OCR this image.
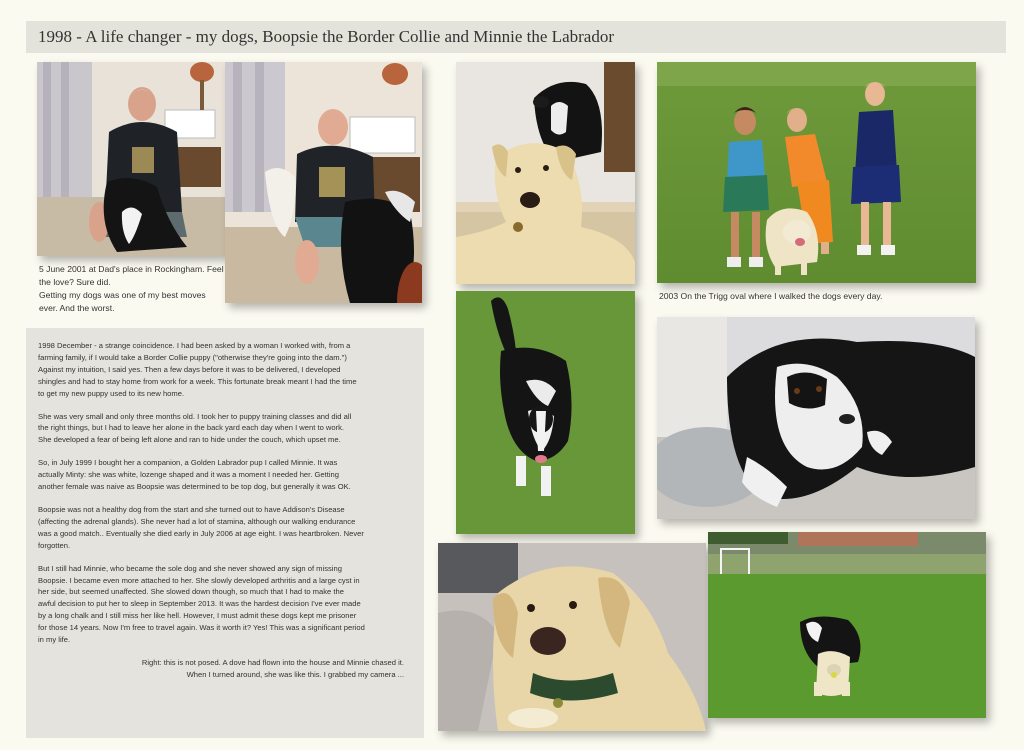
1998 - A life changer - my dogs, Boopsie the Border Collie and Minnie the Labrador
5 June 2001 at Dad's place in Rockingham. Feel
the love? Sure did.
Getting my dogs was one of my best moves
ever. And the worst.
2003 On the Trigg oval where I walked the dogs every day.
1998 December - a strange coincidence. I had been asked by a woman I worked with, from a
farming family, if I would take a Border Collie puppy ("otherwise they're going into the dam.")
Against my intuition, I said yes. Then a few days before it was to be delivered, I developed
shingles and had to stay home from work for a week. This fortunate break meant I had the time
to get my new puppy used to its new home.
She was very small and only three months old. I took her to puppy training classes and did all
the right things, but I had to leave her alone in the back yard each day when I went to work.
She developed a fear of being left alone and ran to hide under the couch, which upset me.
So, in July 1999 I bought her a companion, a Golden Labrador pup I called Minnie. It was
actually Minty: she was white, lozenge shaped and it was a moment I needed her. Getting
another female was naive as Boopsie was determined to be top dog, but generally it was OK.
Boopsie was not a healthy dog from the start and she turned out to have Addison's Disease
(affecting the adrenal glands). She never had a lot of stamina, although our walking endurance
was a good match.. Eventually she died early in July 2006 at age eight. I was heartbroken. Never
forgotten.
But I still had Minnie, who became the sole dog and she never showed any sign of missing
Boopsie. I became even more attached to her. She slowly developed arthritis and a large cyst in
her side, but seemed unaffected. She slowed down though, so much that I had to make the
awful decision to put her to sleep in September 2013. It was the hardest decision I've ever made
by a long chalk and I still miss her like hell. However, I must admit these dogs kept me prisoner
for those 14 years. Now I'm free to travel again. Was it worth it? Yes! This was a significant period
in my life.
Right: this is not posed. A dove had flown into the house and Minnie chased it.
When I turned around, she was like this. I grabbed my camera ...
